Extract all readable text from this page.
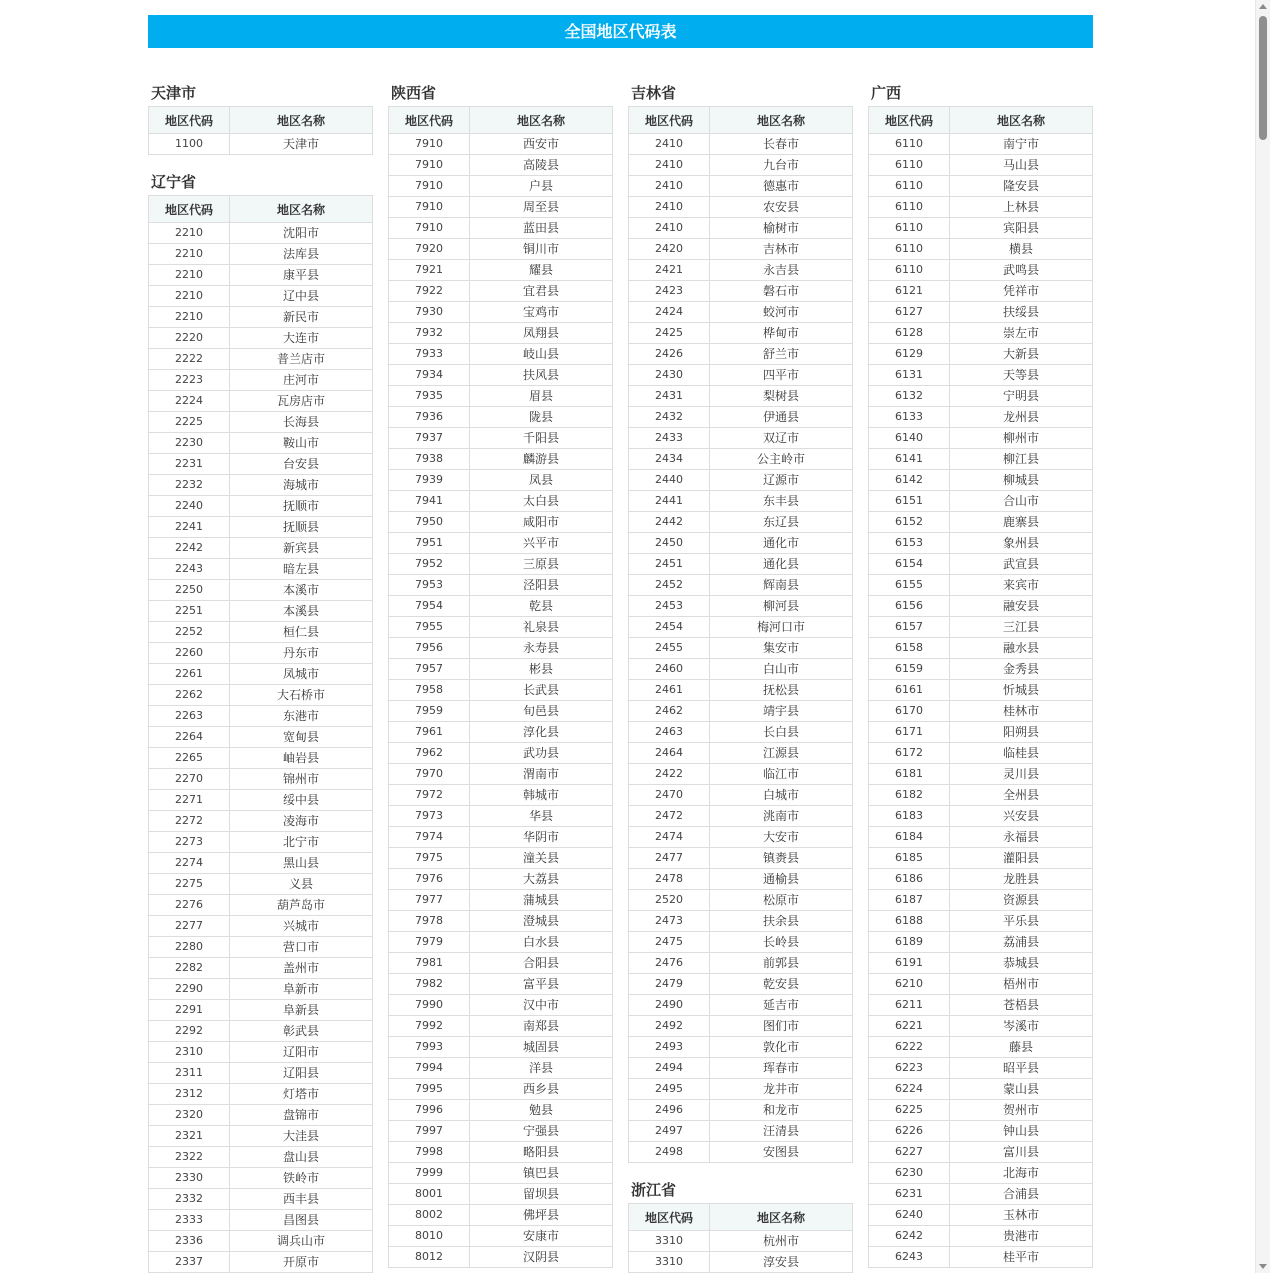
全国地区代码表
天津市
地区代码	地区名称
1100	天津市
辽宁省
地区代码	地区名称
2210	沈阳市
2210	法库县
2210	康平县
2210	辽中县
2210	新民市
2220	大连市
2222	普兰店市
2223	庄河市
2224	瓦房店市
2225	长海县
2230	鞍山市
2231	台安县
2232	海城市
2240	抚顺市
2241	抚顺县
2242	新宾县
2243	暗左县
2250	本溪市
2251	本溪县
2252	桓仁县
2260	丹东市
2261	凤城市
2262	大石桥市
2263	东港市
2264	宽甸县
2265	岫岩县
2270	锦州市
2271	绥中县
2272	凌海市
2273	北宁市
2274	黑山县
2275	义县
2276	葫芦岛市
2277	兴城市
2280	营口市
2282	盖州市
2290	阜新市
2291	阜新县
2292	彰武县
2310	辽阳市
2311	辽阳县
2312	灯塔市
2320	盘锦市
2321	大洼县
2322	盘山县
2330	铁岭市
2332	西丰县
2333	昌图县
2336	调兵山市
2337	开原市
陕西省
地区代码	地区名称
7910	西安市
7910	高陵县
7910	户县
7910	周至县
7910	蓝田县
7920	铜川市
7921	耀县
7922	宜君县
7930	宝鸡市
7932	凤翔县
7933	岐山县
7934	扶风县
7935	眉县
7936	陇县
7937	千阳县
7938	麟游县
7939	凤县
7941	太白县
7950	咸阳市
7951	兴平市
7952	三原县
7953	泾阳县
7954	乾县
7955	礼泉县
7956	永寿县
7957	彬县
7958	长武县
7959	旬邑县
7961	淳化县
7962	武功县
7970	渭南市
7972	韩城市
7973	华县
7974	华阴市
7975	潼关县
7976	大荔县
7977	蒲城县
7978	澄城县
7979	白水县
7981	合阳县
7982	富平县
7990	汉中市
7992	南郑县
7993	城固县
7994	洋县
7995	西乡县
7996	勉县
7997	宁强县
7998	略阳县
7999	镇巴县
8001	留坝县
8002	佛坪县
8010	安康市
8012	汉阴县
吉林省
地区代码	地区名称
2410	长春市
2410	九台市
2410	德惠市
2410	农安县
2410	榆树市
2420	吉林市
2421	永吉县
2423	磐石市
2424	蛟河市
2425	桦甸市
2426	舒兰市
2430	四平市
2431	梨树县
2432	伊通县
2433	双辽市
2434	公主岭市
2440	辽源市
2441	东丰县
2442	东辽县
2450	通化市
2451	通化县
2452	辉南县
2453	柳河县
2454	梅河口市
2455	集安市
2460	白山市
2461	抚松县
2462	靖宇县
2463	长白县
2464	江源县
2422	临江市
2470	白城市
2472	洮南市
2474	大安市
2477	镇赉县
2478	通榆县
2520	松原市
2473	扶余县
2475	长岭县
2476	前郭县
2479	乾安县
2490	延吉市
2492	图们市
2493	敦化市
2494	珲春市
2495	龙井市
2496	和龙市
2497	汪清县
2498	安图县
浙江省
地区代码	地区名称
3310	杭州市
3310	淳安县
广西
地区代码	地区名称
6110	南宁市
6110	马山县
6110	隆安县
6110	上林县
6110	宾阳县
6110	横县
6110	武鸣县
6121	凭祥市
6127	扶绥县
6128	崇左市
6129	大新县
6131	天等县
6132	宁明县
6133	龙州县
6140	柳州市
6141	柳江县
6142	柳城县
6151	合山市
6152	鹿寨县
6153	象州县
6154	武宣县
6155	来宾市
6156	融安县
6157	三江县
6158	融水县
6159	金秀县
6161	忻城县
6170	桂林市
6171	阳朔县
6172	临桂县
6181	灵川县
6182	全州县
6183	兴安县
6184	永福县
6185	灌阳县
6186	龙胜县
6187	资源县
6188	平乐县
6189	荔浦县
6191	恭城县
6210	梧州市
6211	苍梧县
6221	岑溪市
6222	藤县
6223	昭平县
6224	蒙山县
6225	贺州市
6226	钟山县
6227	富川县
6230	北海市
6231	合浦县
6240	玉林市
6242	贵港市
6243	桂平市
